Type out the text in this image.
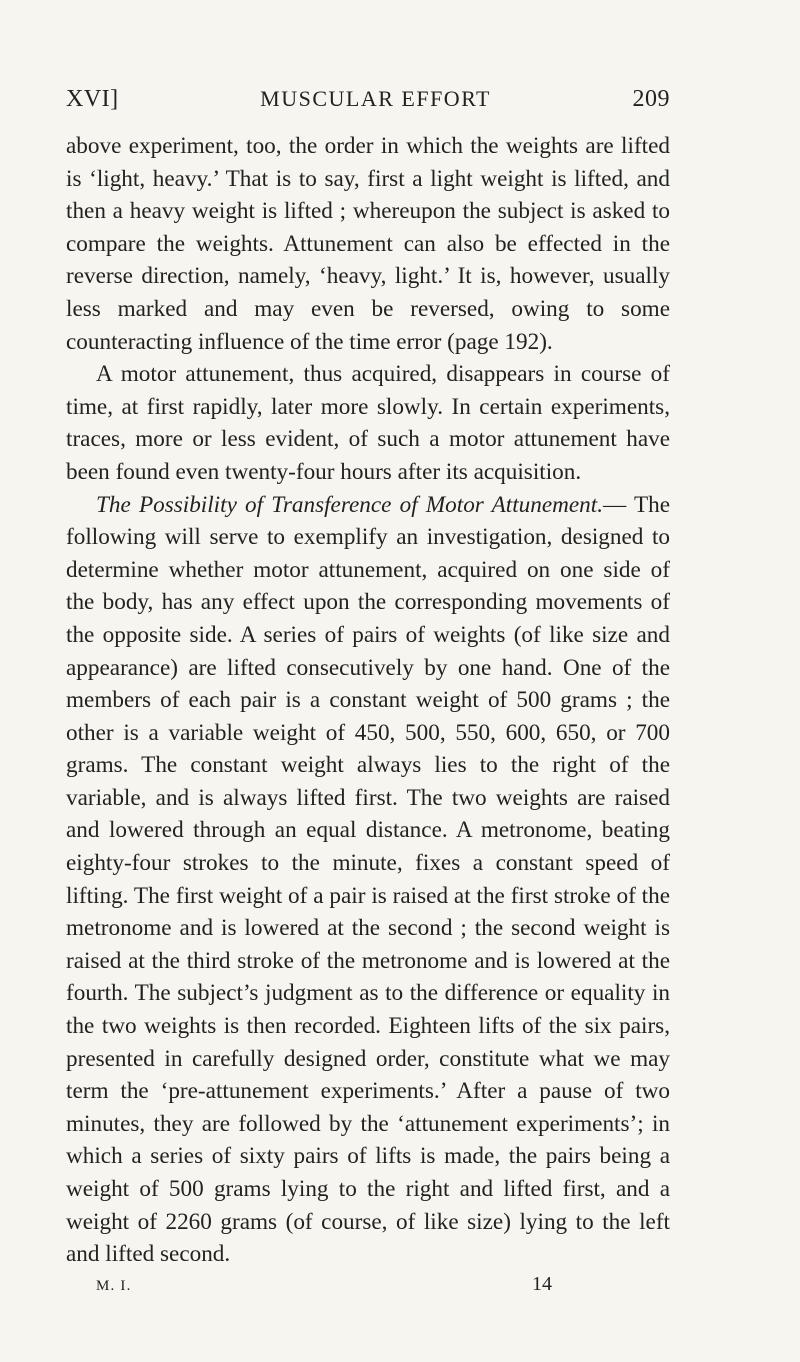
XVI]	MUSCULAR EFFORT	209

above experiment, too, the order in which the weights are lifted is ‘light, heavy.’ That is to say, first a light weight is lifted, and then a heavy weight is lifted ; whereupon the subject is asked to compare the weights. Attunement can also be effected in the reverse direction, namely, ‘heavy, light.’ It is, however, usually less marked and may even be reversed, owing to some counteracting influence of the time error (page 192).

A motor attunement, thus acquired, disappears in course of time, at first rapidly, later more slowly. In certain experiments, traces, more or less evident, of such a motor attunement have been found even twenty-four hours after its acquisition.

The Possibility of Transference of Motor Attunement.— The following will serve to exemplify an investigation, designed to determine whether motor attunement, acquired on one side of the body, has any effect upon the corresponding movements of the opposite side. A series of pairs of weights (of like size and appearance) are lifted consecutively by one hand. One of the members of each pair is a constant weight of 500 grams ; the other is a variable weight of 450, 500, 550, 600, 650, or 700 grams. The constant weight always lies to the right of the variable, and is always lifted first. The two weights are raised and lowered through an equal distance. A metronome, beating eighty-four strokes to the minute, fixes a constant speed of lifting. The first weight of a pair is raised at the first stroke of the metronome and is lowered at the second ; the second weight is raised at the third stroke of the metronome and is lowered at the fourth. The subject’s judgment as to the difference or equality in the two weights is then recorded. Eighteen lifts of the six pairs, presented in carefully designed order, constitute what we may term the ‘pre-attunement experiments.’ After a pause of two minutes, they are followed by the ‘attunement experiments’; in which a series of sixty pairs of lifts is made, the pairs being a weight of 500 grams lying to the right and lifted first, and a weight of 2260 grams (of course, of like size) lying to the left and lifted second.

M. I.	14
